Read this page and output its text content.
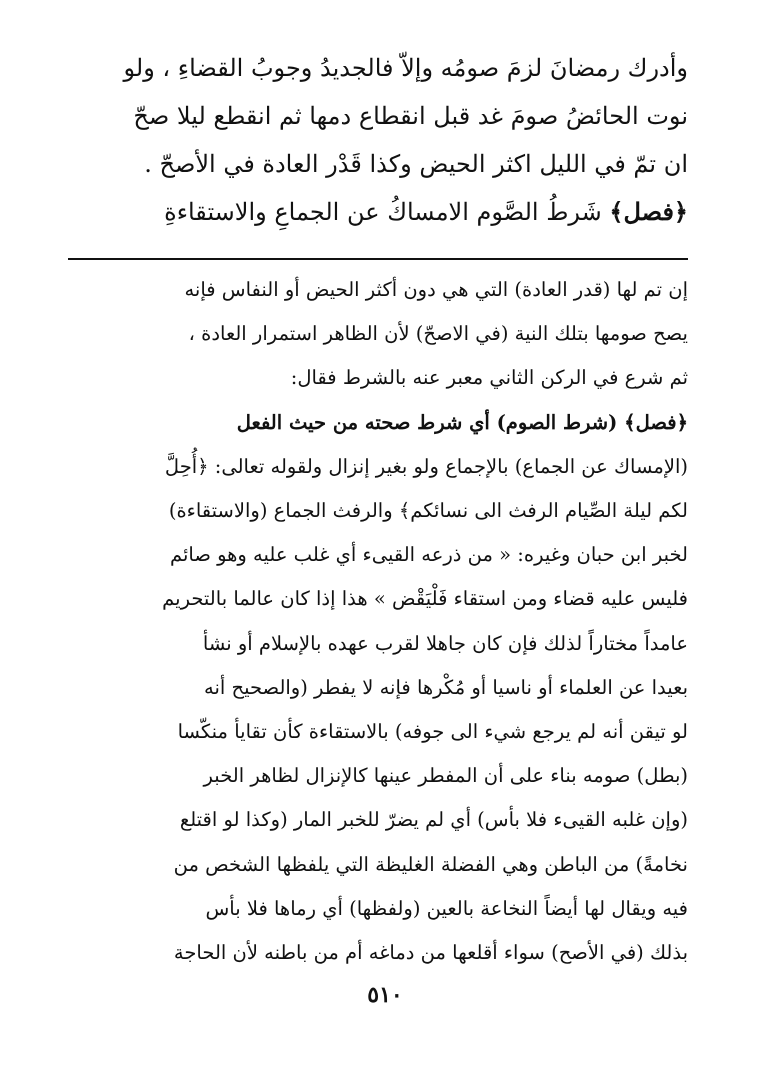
وأدرك رمضانَ لزمَ صومُه وإلاّ فالجديدُ وجوبُ القضاءِ ، ولو
نوت الحائضُ صومَ غد قبل انقطاع دمها ثم انقطع ليلا صحّ
ان تمّ في الليل اكثر الحيض وكذا قَدْر العادة في الأصحّ .
﴿فصل﴾ شَرطُ الصَّوم الامساكُ عن الجماعِ والاستقاءةِ
إن تم لها (قدر العادة) التي هي دون أكثر الحيض أو النفاس فإنه
يصح صومها بتلك النية (في الاصحّ) لأن الظاهر استمرار العادة ،
ثم شرع في الركن الثاني معبر عنه بالشرط فقال:
﴿فصل﴾ (شرط الصوم) أي شرط صحته من حيث الفعل
(الإمساك عن الجماع) بالإجماع ولو بغير إنزال ولقوله تعالى: ﴿أُحِلَّ
لكم ليلة الصِّيام الرفث الى نسائكم﴾ والرفث الجماع (والاستقاءة)
لخبر ابن حبان وغيره: « من ذرعه القيىء أي غلب عليه وهو صائم
فليس عليه قضاء ومن استقاء فَلْيَقْض » هذا إذا كان عالما بالتحريم
عامداً مختاراً لذلك فإن كان جاهلا لقرب عهده بالإسلام أو نشأ
بعيدا عن العلماء أو ناسيا أو مُكْرها فإنه لا يفطر (والصحيح أنه
لو تيقن أنه لم يرجع شيء الى جوفه) بالاستقاءة كأن تقايأ منكّسا
(بطل) صومه بناء على أن المفطر عينها كالإنزال لظاهر الخبر
(وإن غلبه القيىء فلا بأس) أي لم يضرّ للخبر المار (وكذا لو اقتلع
نخامةً) من الباطن وهي الفضلة الغليظة التي يلفظها الشخص من
فيه ويقال لها أيضاً النخاعة بالعين (ولفظها) أي رماها فلا بأس
بذلك (في الأصح) سواء أقلعها من دماغه أم من باطنه لأن الحاجة
٥١٠
